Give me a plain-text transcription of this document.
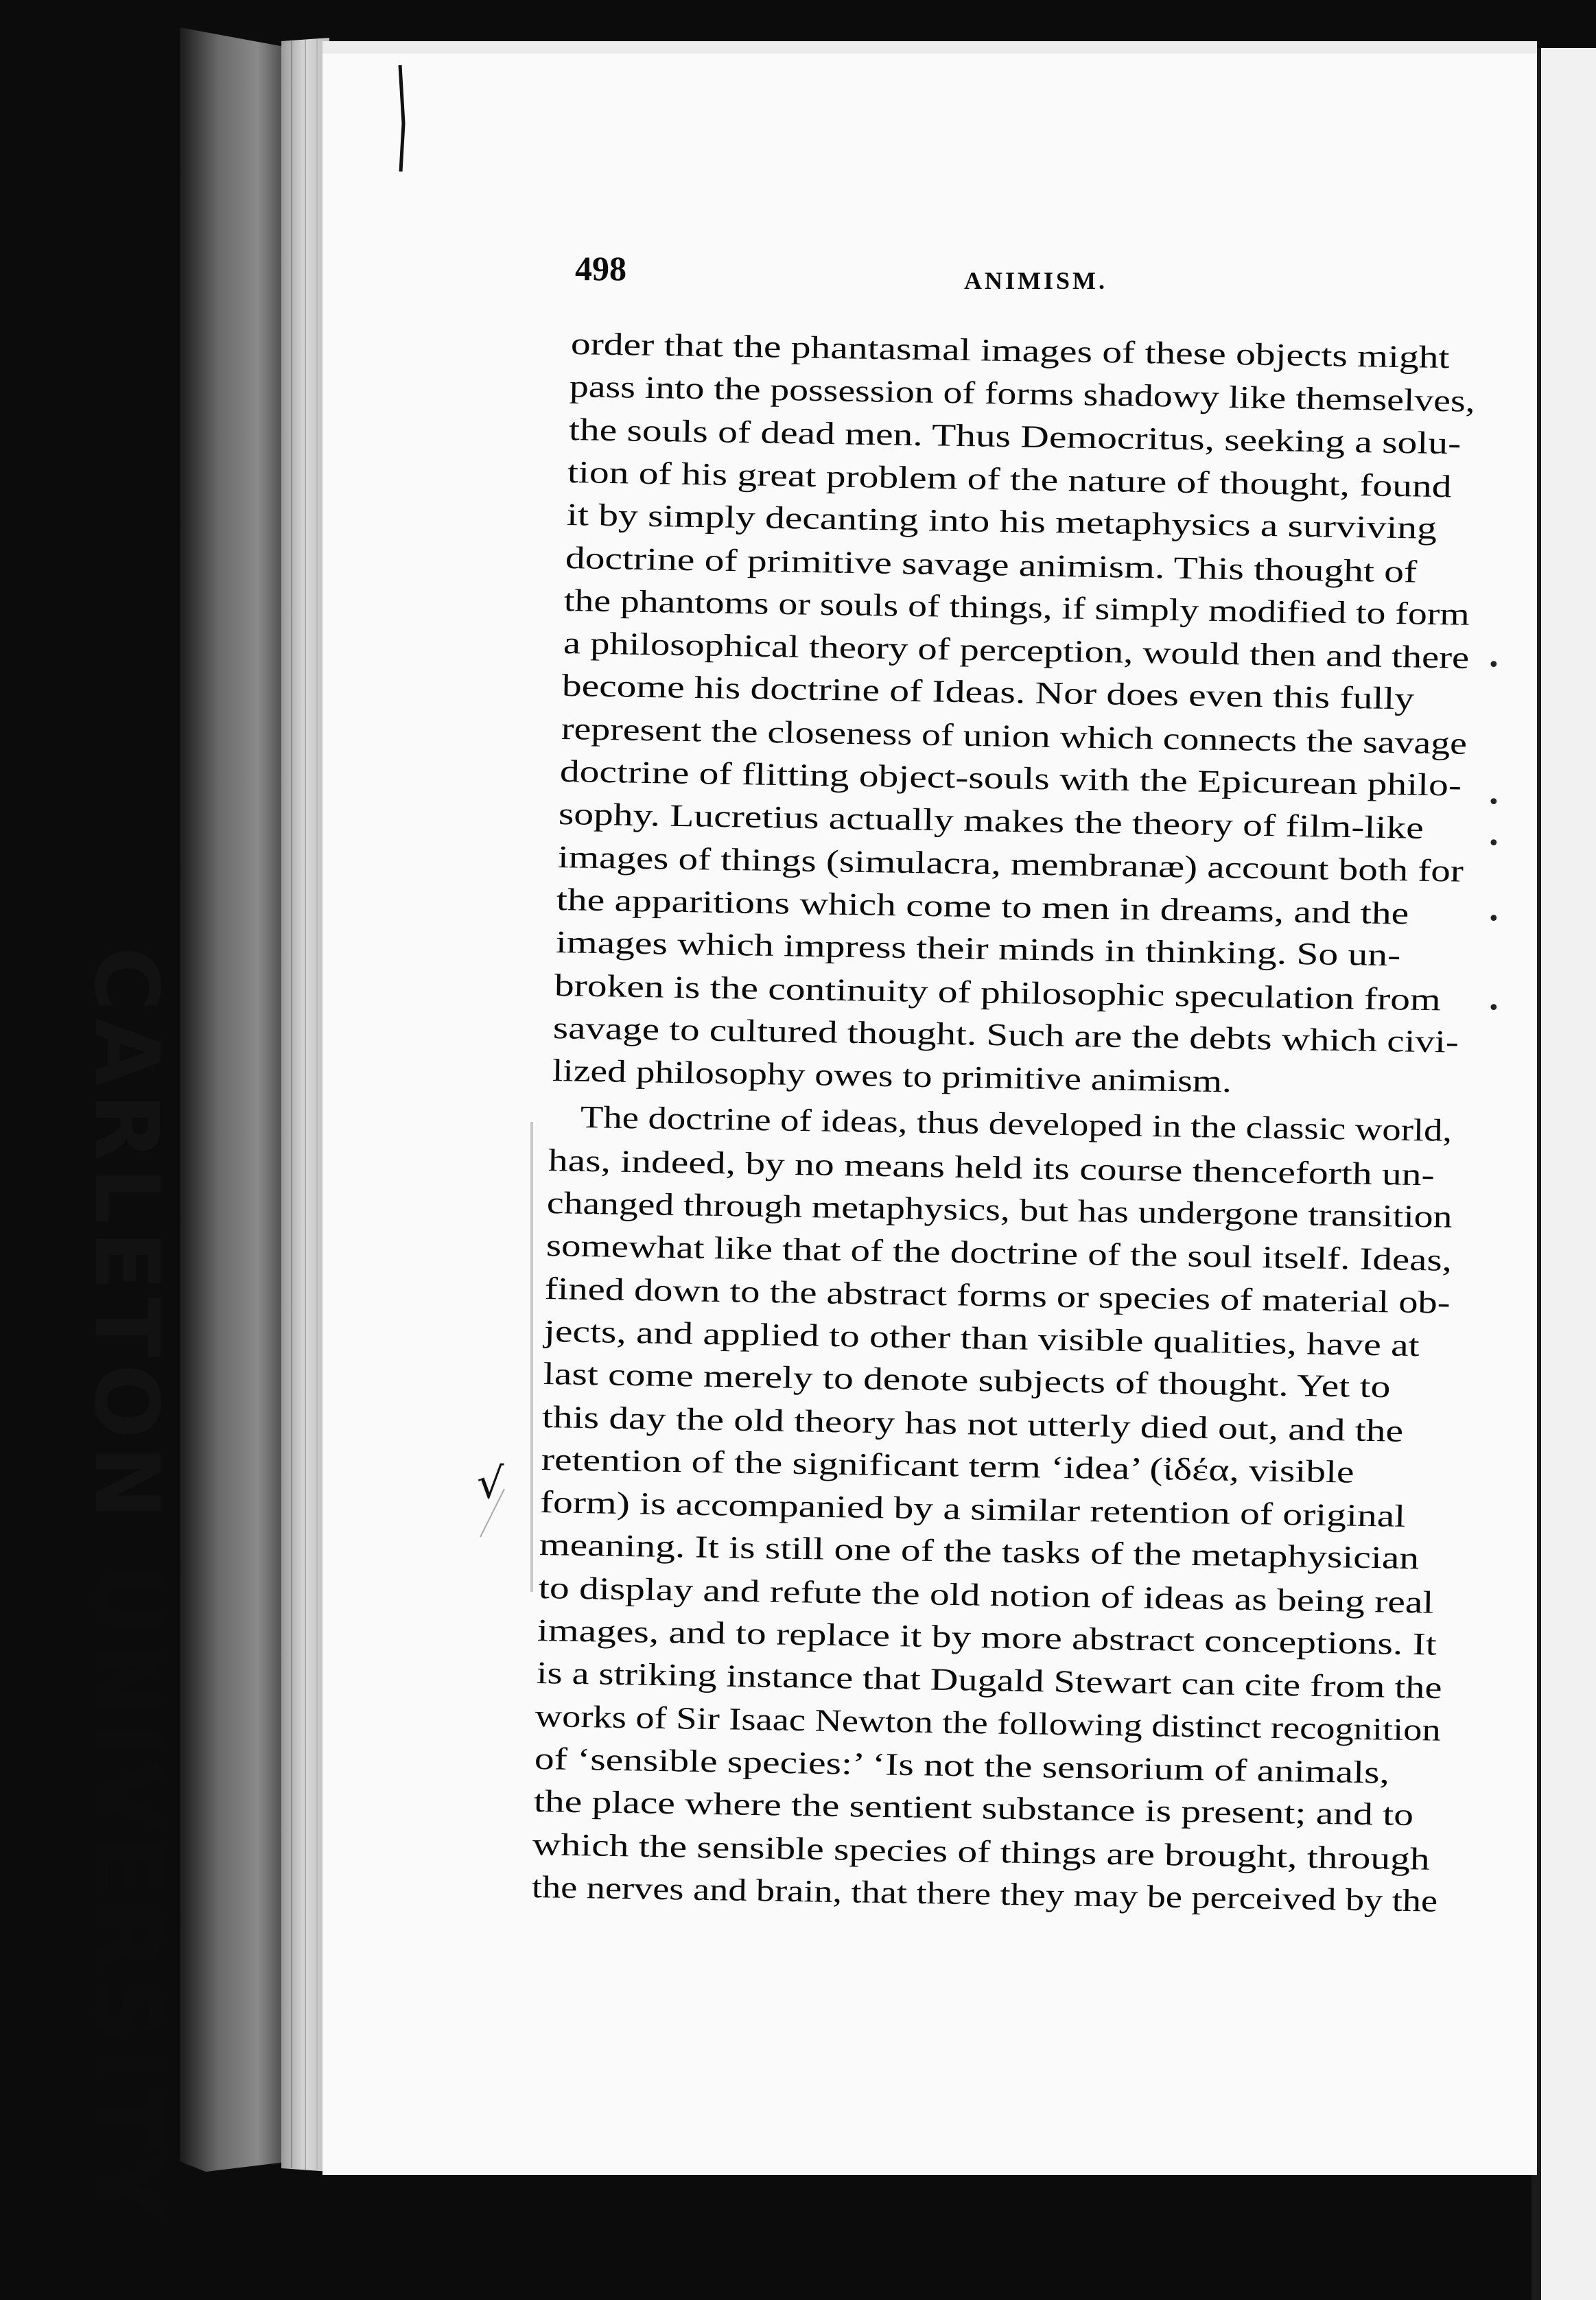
CARLETON UNIVERSITY
498	ANIMISM.
√
•
•
•
•
•
order that the phantasmal images of these objects might
pass into the possession of forms shadowy like themselves,
the souls of dead men. Thus Democritus, seeking a solu-
tion of his great problem of the nature of thought, found
it by simply decanting into his metaphysics a surviving
doctrine of primitive savage animism. This thought of
the phantoms or souls of things, if simply modified to form
a philosophical theory of perception, would then and there
become his doctrine of Ideas. Nor does even this fully
represent the closeness of union which connects the savage
doctrine of flitting object-souls with the Epicurean philo-
sophy. Lucretius actually makes the theory of film-like
images of things (simulacra, membranæ) account both for
the apparitions which come to men in dreams, and the
images which impress their minds in thinking. So un-
broken is the continuity of philosophic speculation from
savage to cultured thought. Such are the debts which civi-
lized philosophy owes to primitive animism.
The doctrine of ideas, thus developed in the classic world,
has, indeed, by no means held its course thenceforth un-
changed through metaphysics, but has undergone transition
somewhat like that of the doctrine of the soul itself. Ideas,
fined down to the abstract forms or species of material ob-
jects, and applied to other than visible qualities, have at
last come merely to denote subjects of thought. Yet to
this day the old theory has not utterly died out, and the
retention of the significant term ‘idea’ (ἰδέα, visible
form) is accompanied by a similar retention of original
meaning. It is still one of the tasks of the metaphysician
to display and refute the old notion of ideas as being real
images, and to replace it by more abstract conceptions. It
is a striking instance that Dugald Stewart can cite from the
works of Sir Isaac Newton the following distinct recognition
of ‘sensible species:’ ‘Is not the sensorium of animals,
the place where the sentient substance is present; and to
which the sensible species of things are brought, through
the nerves and brain, that there they may be perceived by the
